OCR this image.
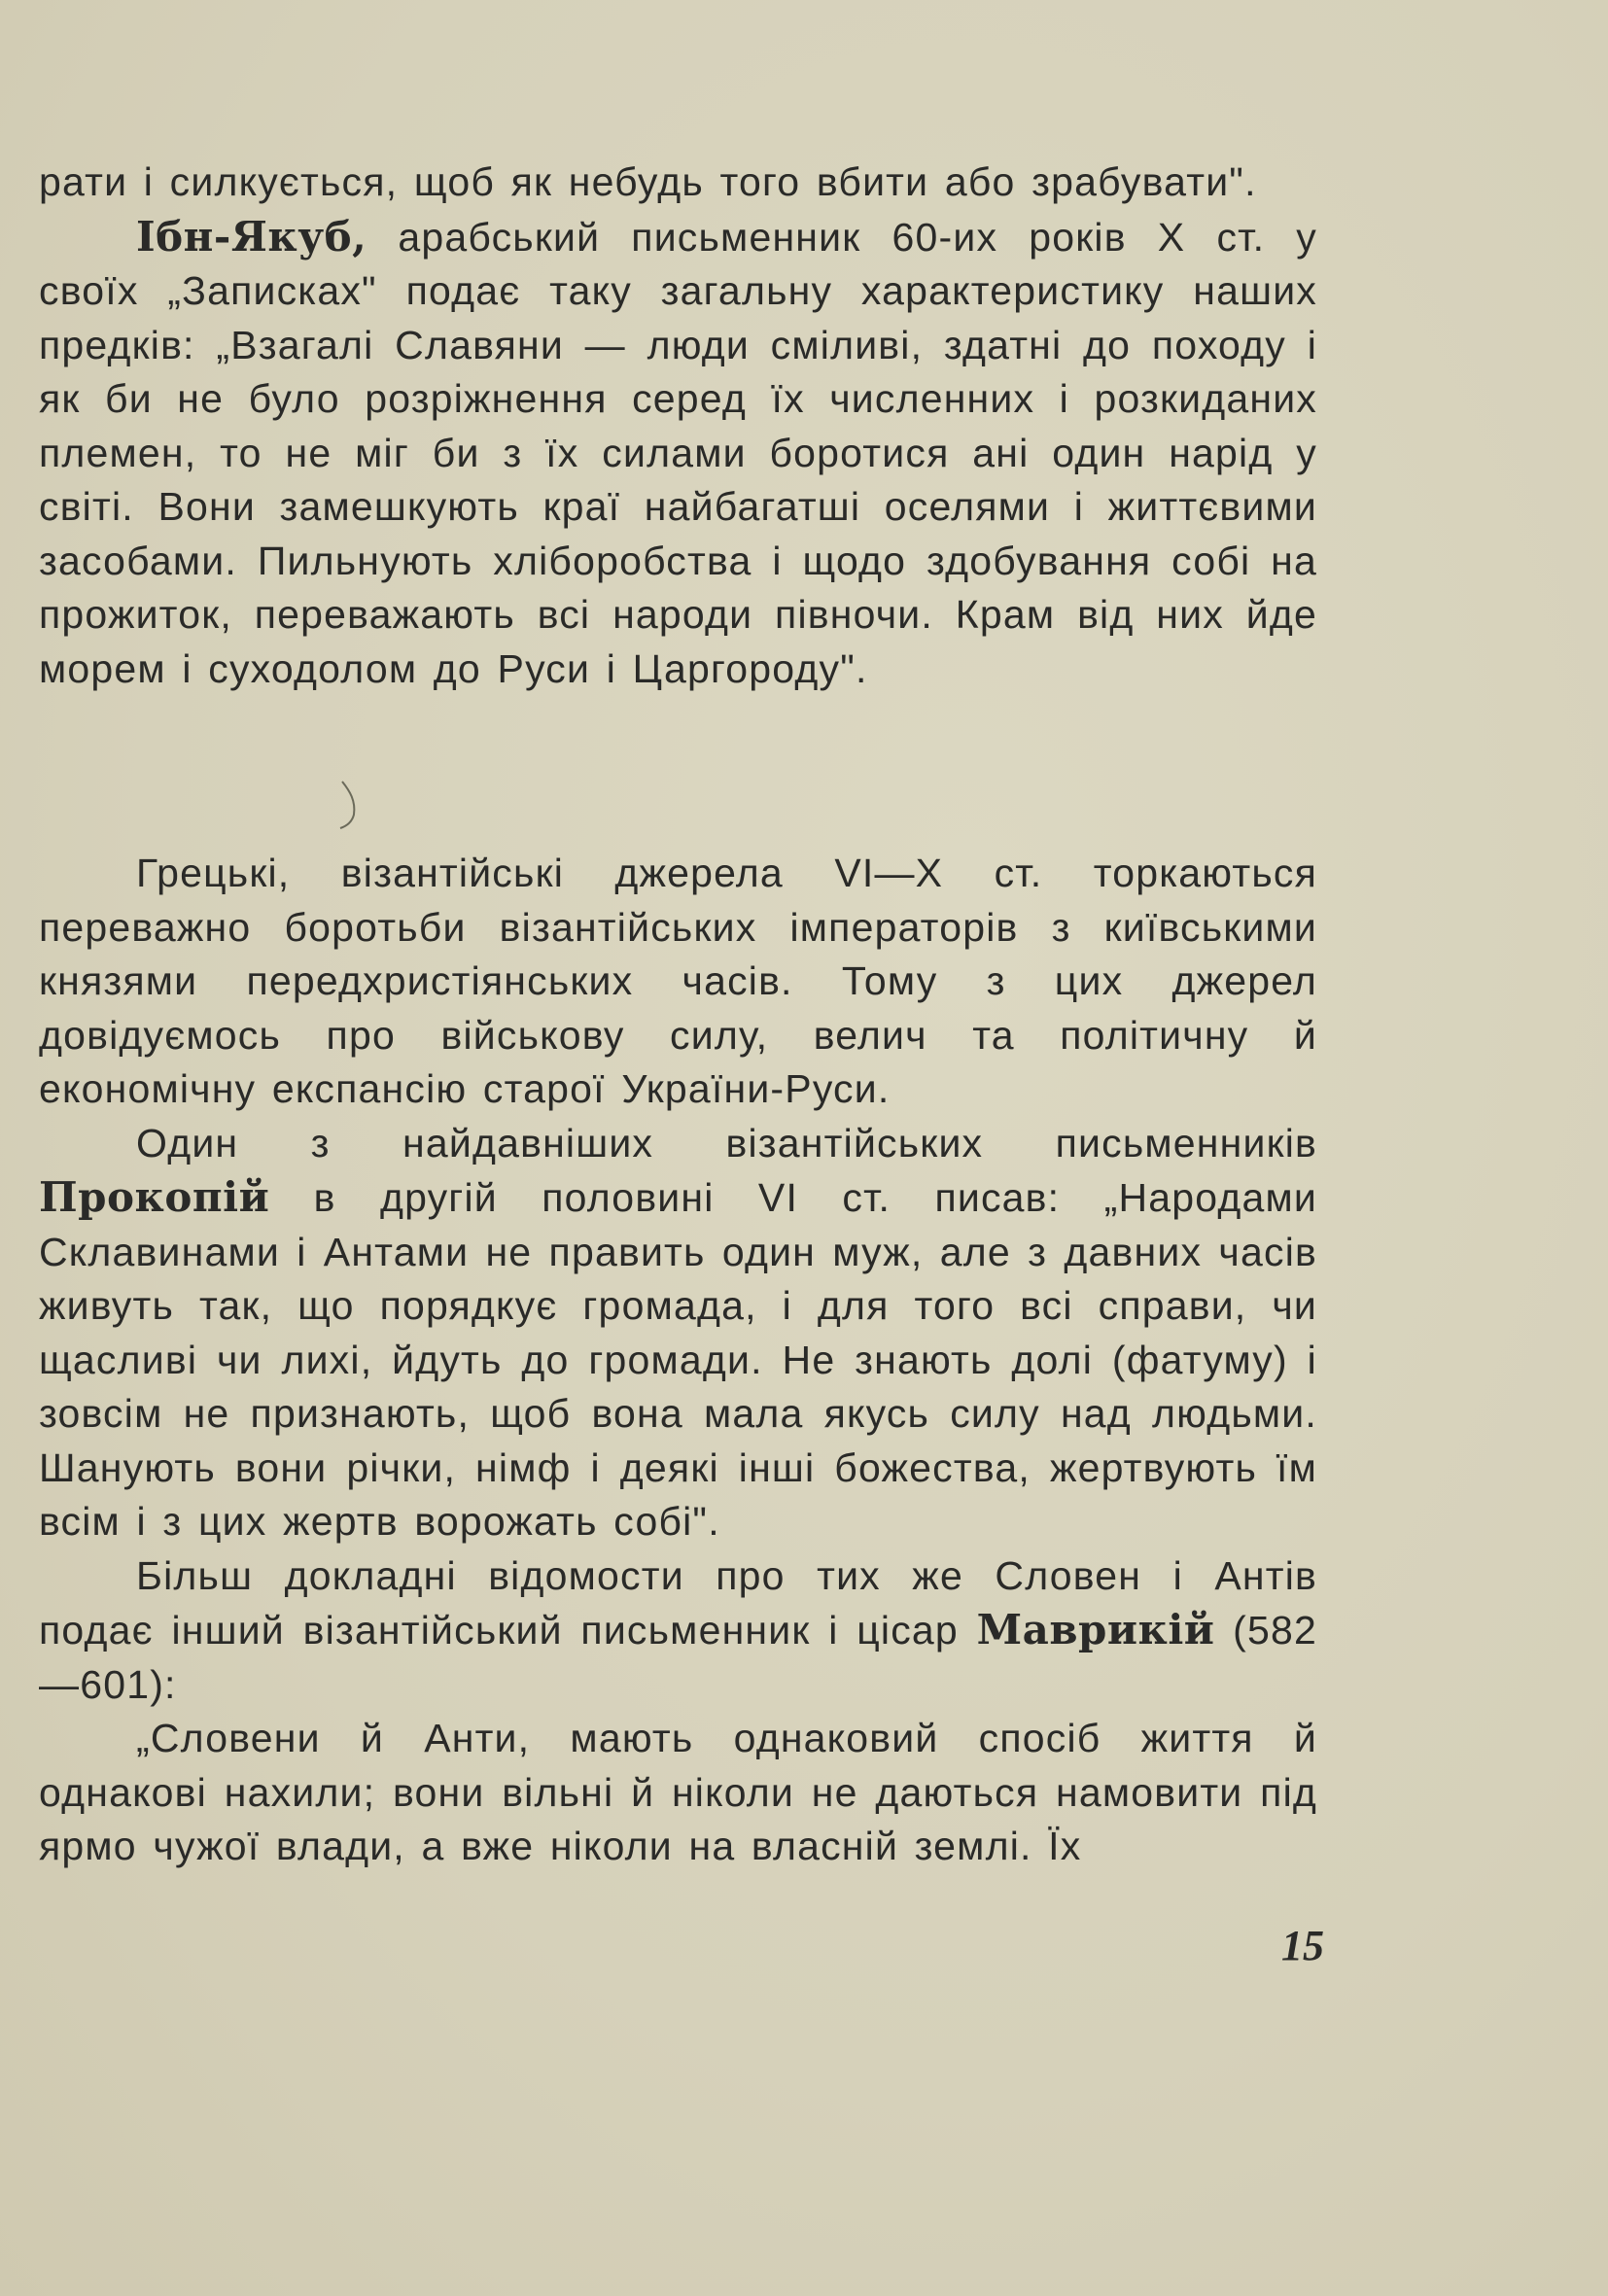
рати і силкується, щоб як небудь того вбити або зрабувати".

Ібн-Якуб, арабський письменник 60-их років Х ст. у своїх „Записках" подає таку загальну характеристику наших предків: „Взагалі Славяни — люди сміливі, здатні до походу і як би не було розріжнення серед їх численних і розкиданих племен, то не міг би з їх силами боротися ані один нарід у світі. Вони замешкують краї найбагатші оселями і життєвими засобами. Пильнують хліборобства і щодо здобування собі на прожиток, переважають всі народи півночи. Крам від них йде морем і суходолом до Руси і Царгороду".

Грецькі, візантійські джерела VI—X ст. торкаються переважно боротьби візантійських імператорів з київськими князями передхристіянських часів. Тому з цих джерел довідуємось про військову силу, велич та політичну й економічну експансію старої України-Руси.

Один з найдавніших візантійських письменників Прокопій в другій половині VI ст. писав: „Народами Склавинами і Антами не править один муж, але з давних часів живуть так, що порядкує громада, і для того всі справи, чи щасливі чи лихі, йдуть до громади. Не знають долі (фатуму) і зовсім не признають, щоб вона мала якусь силу над людьми. Шанують вони річки, німф і деякі інші божества, жертвують їм всім і з цих жертв ворожать собі".

Більш докладні відомости про тих же Словен і Антів подає інший візантійський письменник і цісар Маврикій (582—601):

„Словени й Анти, мають однаковий спосіб життя й однакові нахили; вони вільні й ніколи не даються намовити під ярмо чужої влади, а вже ніколи на власній землі. Їх

15
